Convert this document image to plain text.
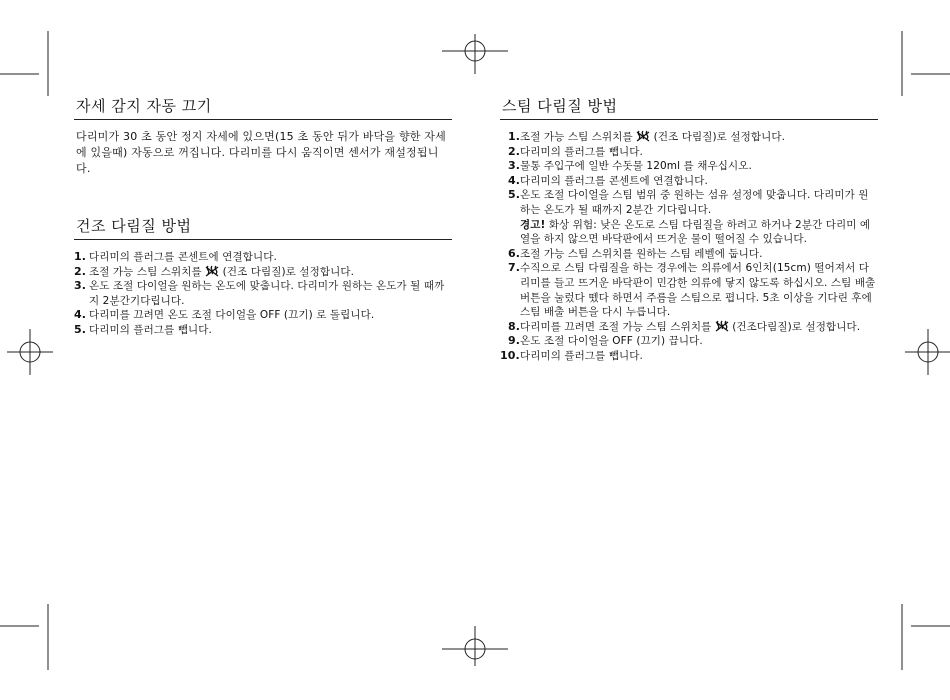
자세 감지 자동 끄기

다리미가 30 초 동안 정지 자세에 있으면(15 초 동안 뒤가 바닥을 향한 자세에 있을때) 자동으로 꺼집니다. 다리미를 다시 움직이면 센서가 재설정됩니다.

건조 다림질 방법
1. 다리미의 플러그를 콘센트에 연결합니다.
2. 조절 가능 스팀 스위치를  (건조 다림질)로 설정합니다.
3. 온도 조절 다이얼을 원하는 온도에 맞춥니다. 다리미가 원하는 온도가 될 때까지 2분간기다립니다.
4. 다리미를 끄려면 온도 조절 다이얼을 OFF (끄기) 로 돌립니다.
5. 다리미의 플러그를 뺍니다.
스팀 다림질 방법
1. 조절 가능 스팀 스위치를  (건조 다림질)로 설정합니다.
2. 다리미의 플러그를 뺍니다.
3. 물통 주입구에 일반 수돗물 120ml 를 채우십시오.
4. 다리미의 플러그를 콘센트에 연결합니다.
5. 온도 조절 다이얼을 스팀 범위 중 원하는 섬유 설정에 맞춥니다. 다리미가 원하는 온도가 될 때까지 2분간 기다립니다.
경고! 화상 위험: 낮은 온도로 스팀 다림질을 하려고 하거나 2분간 다리미 예열을 하지 않으면 바닥판에서 뜨거운 물이 떨어질 수 있습니다.
6. 조절 가능 스팀 스위치를 원하는 스팀 레벨에 둡니다.
7. 수직으로 스팀 다림질을 하는 경우에는 의류에서 6인치(15cm) 떨어져서 다리미를 들고 뜨거운 바닥판이 민감한 의류에 닿지 않도록 하십시오. 스팀 배출 버튼을 눌렀다 뗐다 하면서 주름을 스팀으로 폅니다. 5초 이상을 기다린 후에 스팀 배출 버튼을 다시 누릅니다.
8. 다리미를 끄려면 조절 가능 스팀 스위치를  (건조다림질)로 설정합니다.
9. 온도 조절 다이얼을 OFF (끄기) 끕니다.
10. 다리미의 플러그를 뺍니다.
